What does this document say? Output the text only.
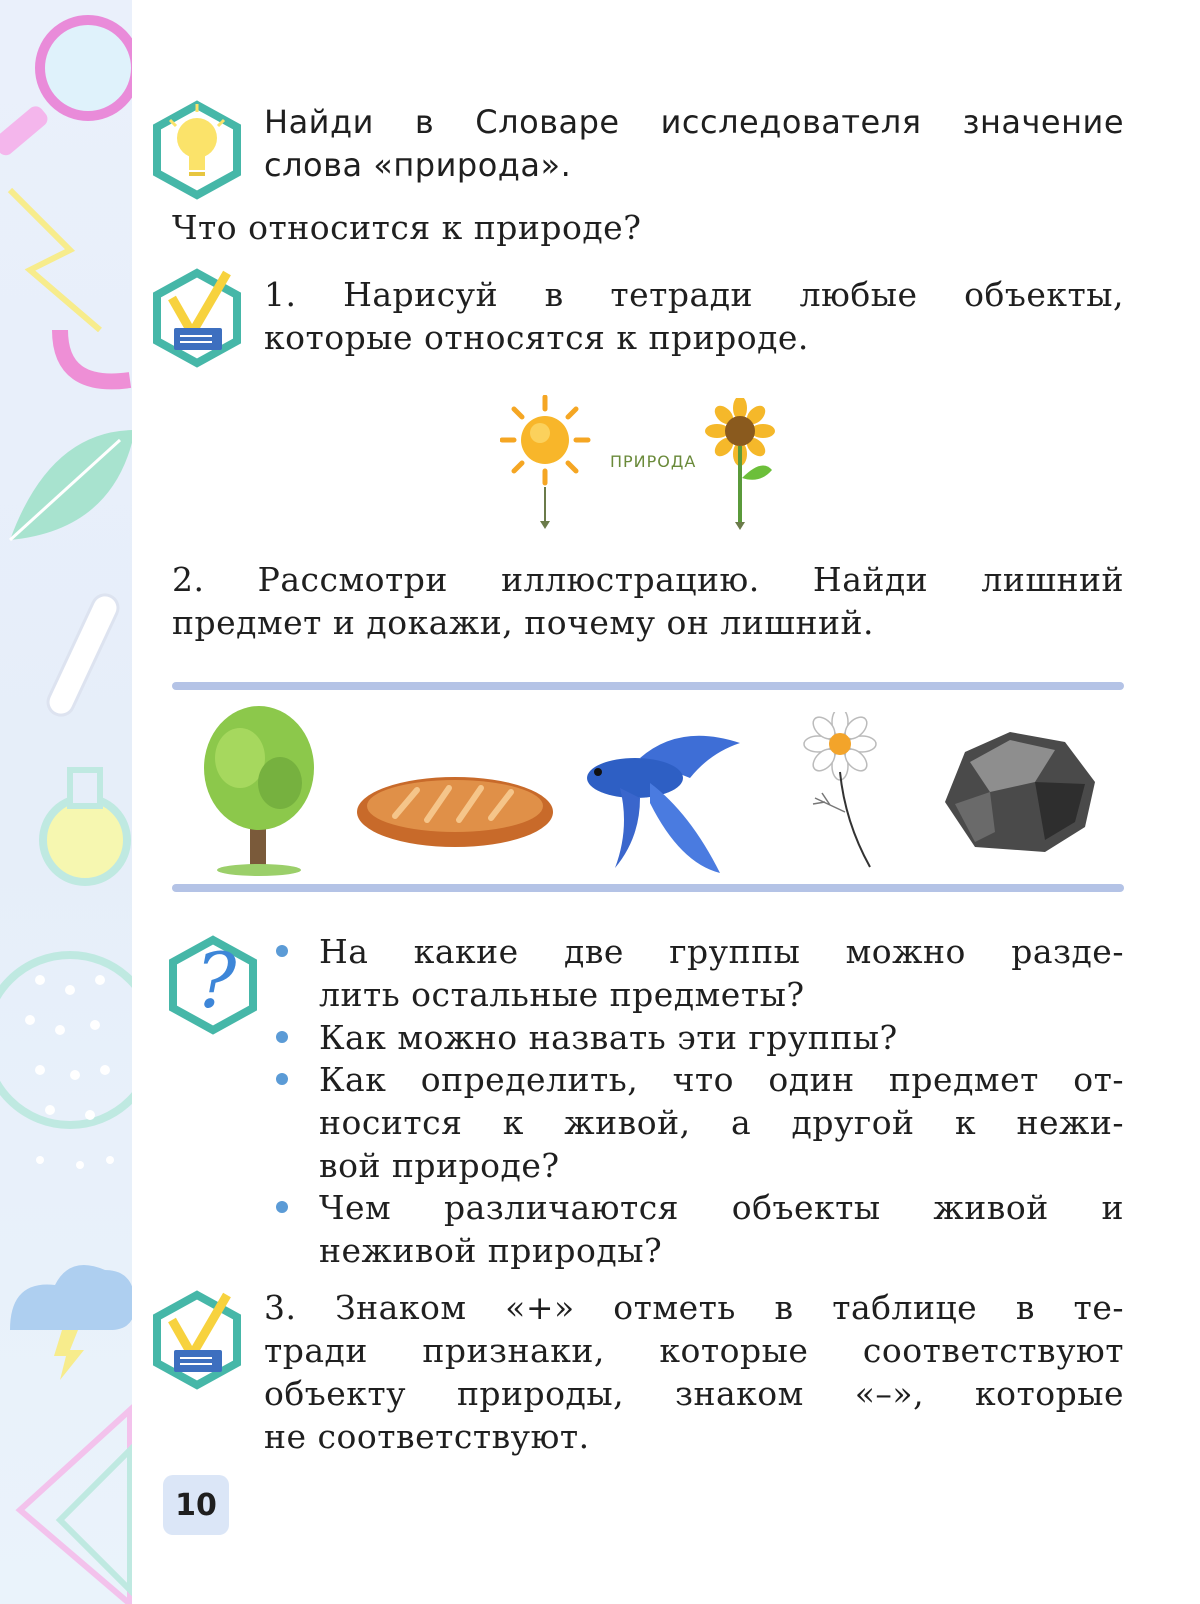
Найди в Словаре исследователя значение
слова «природа».
Что относится к природе?
1. Нарисуй в тетради любые объекты,
которые относятся к природе.
ПРИРОДА
2. Рассмотри иллюстрацию. Найди лишний
предмет и докажи, почему он лишний.
?	На какие две группы можно разде-
лить остальные предметы?
Как можно назвать эти группы?
Как определить, что один предмет от-
носится к живой, а другой к нежи-
вой природе?
Чем различаются объекты живой и
неживой природы?
3. Знаком «+» отметь в таблице в те-
тради признаки, которые соответствуют
объекту природы, знаком «–», которые
не соответствуют.
10
